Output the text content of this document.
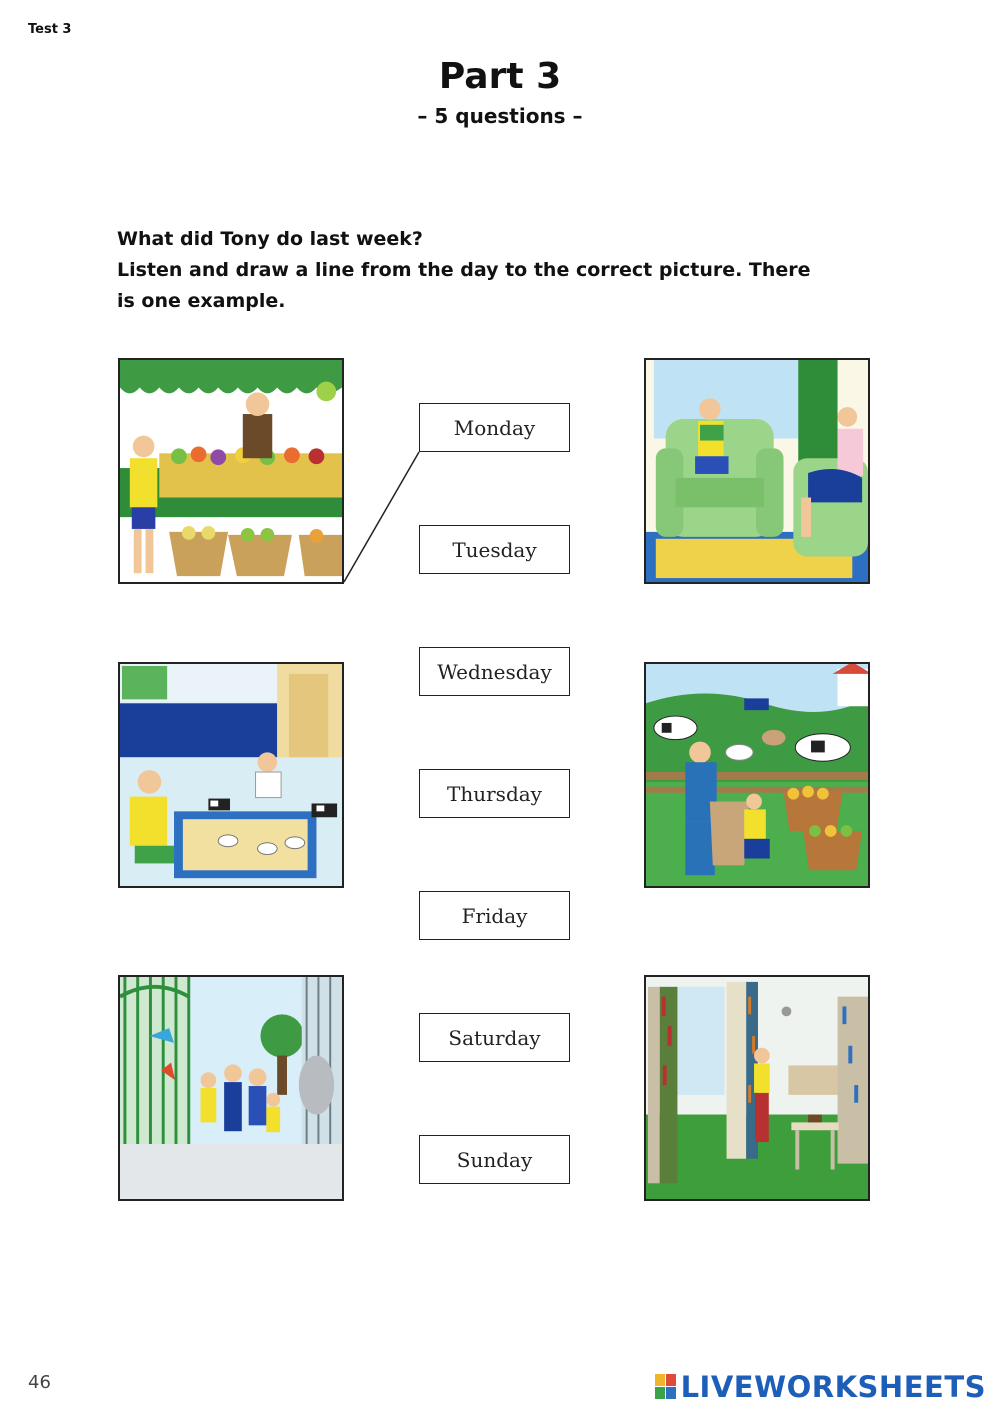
Test 3
Part 3
– 5 questions –
What did Tony do last week?
Listen and draw a line from the day to the correct picture. There
is one example.
Monday
Tuesday
Wednesday
Thursday
Friday
Saturday
Sunday
46	LIVEWORKSHEETS
